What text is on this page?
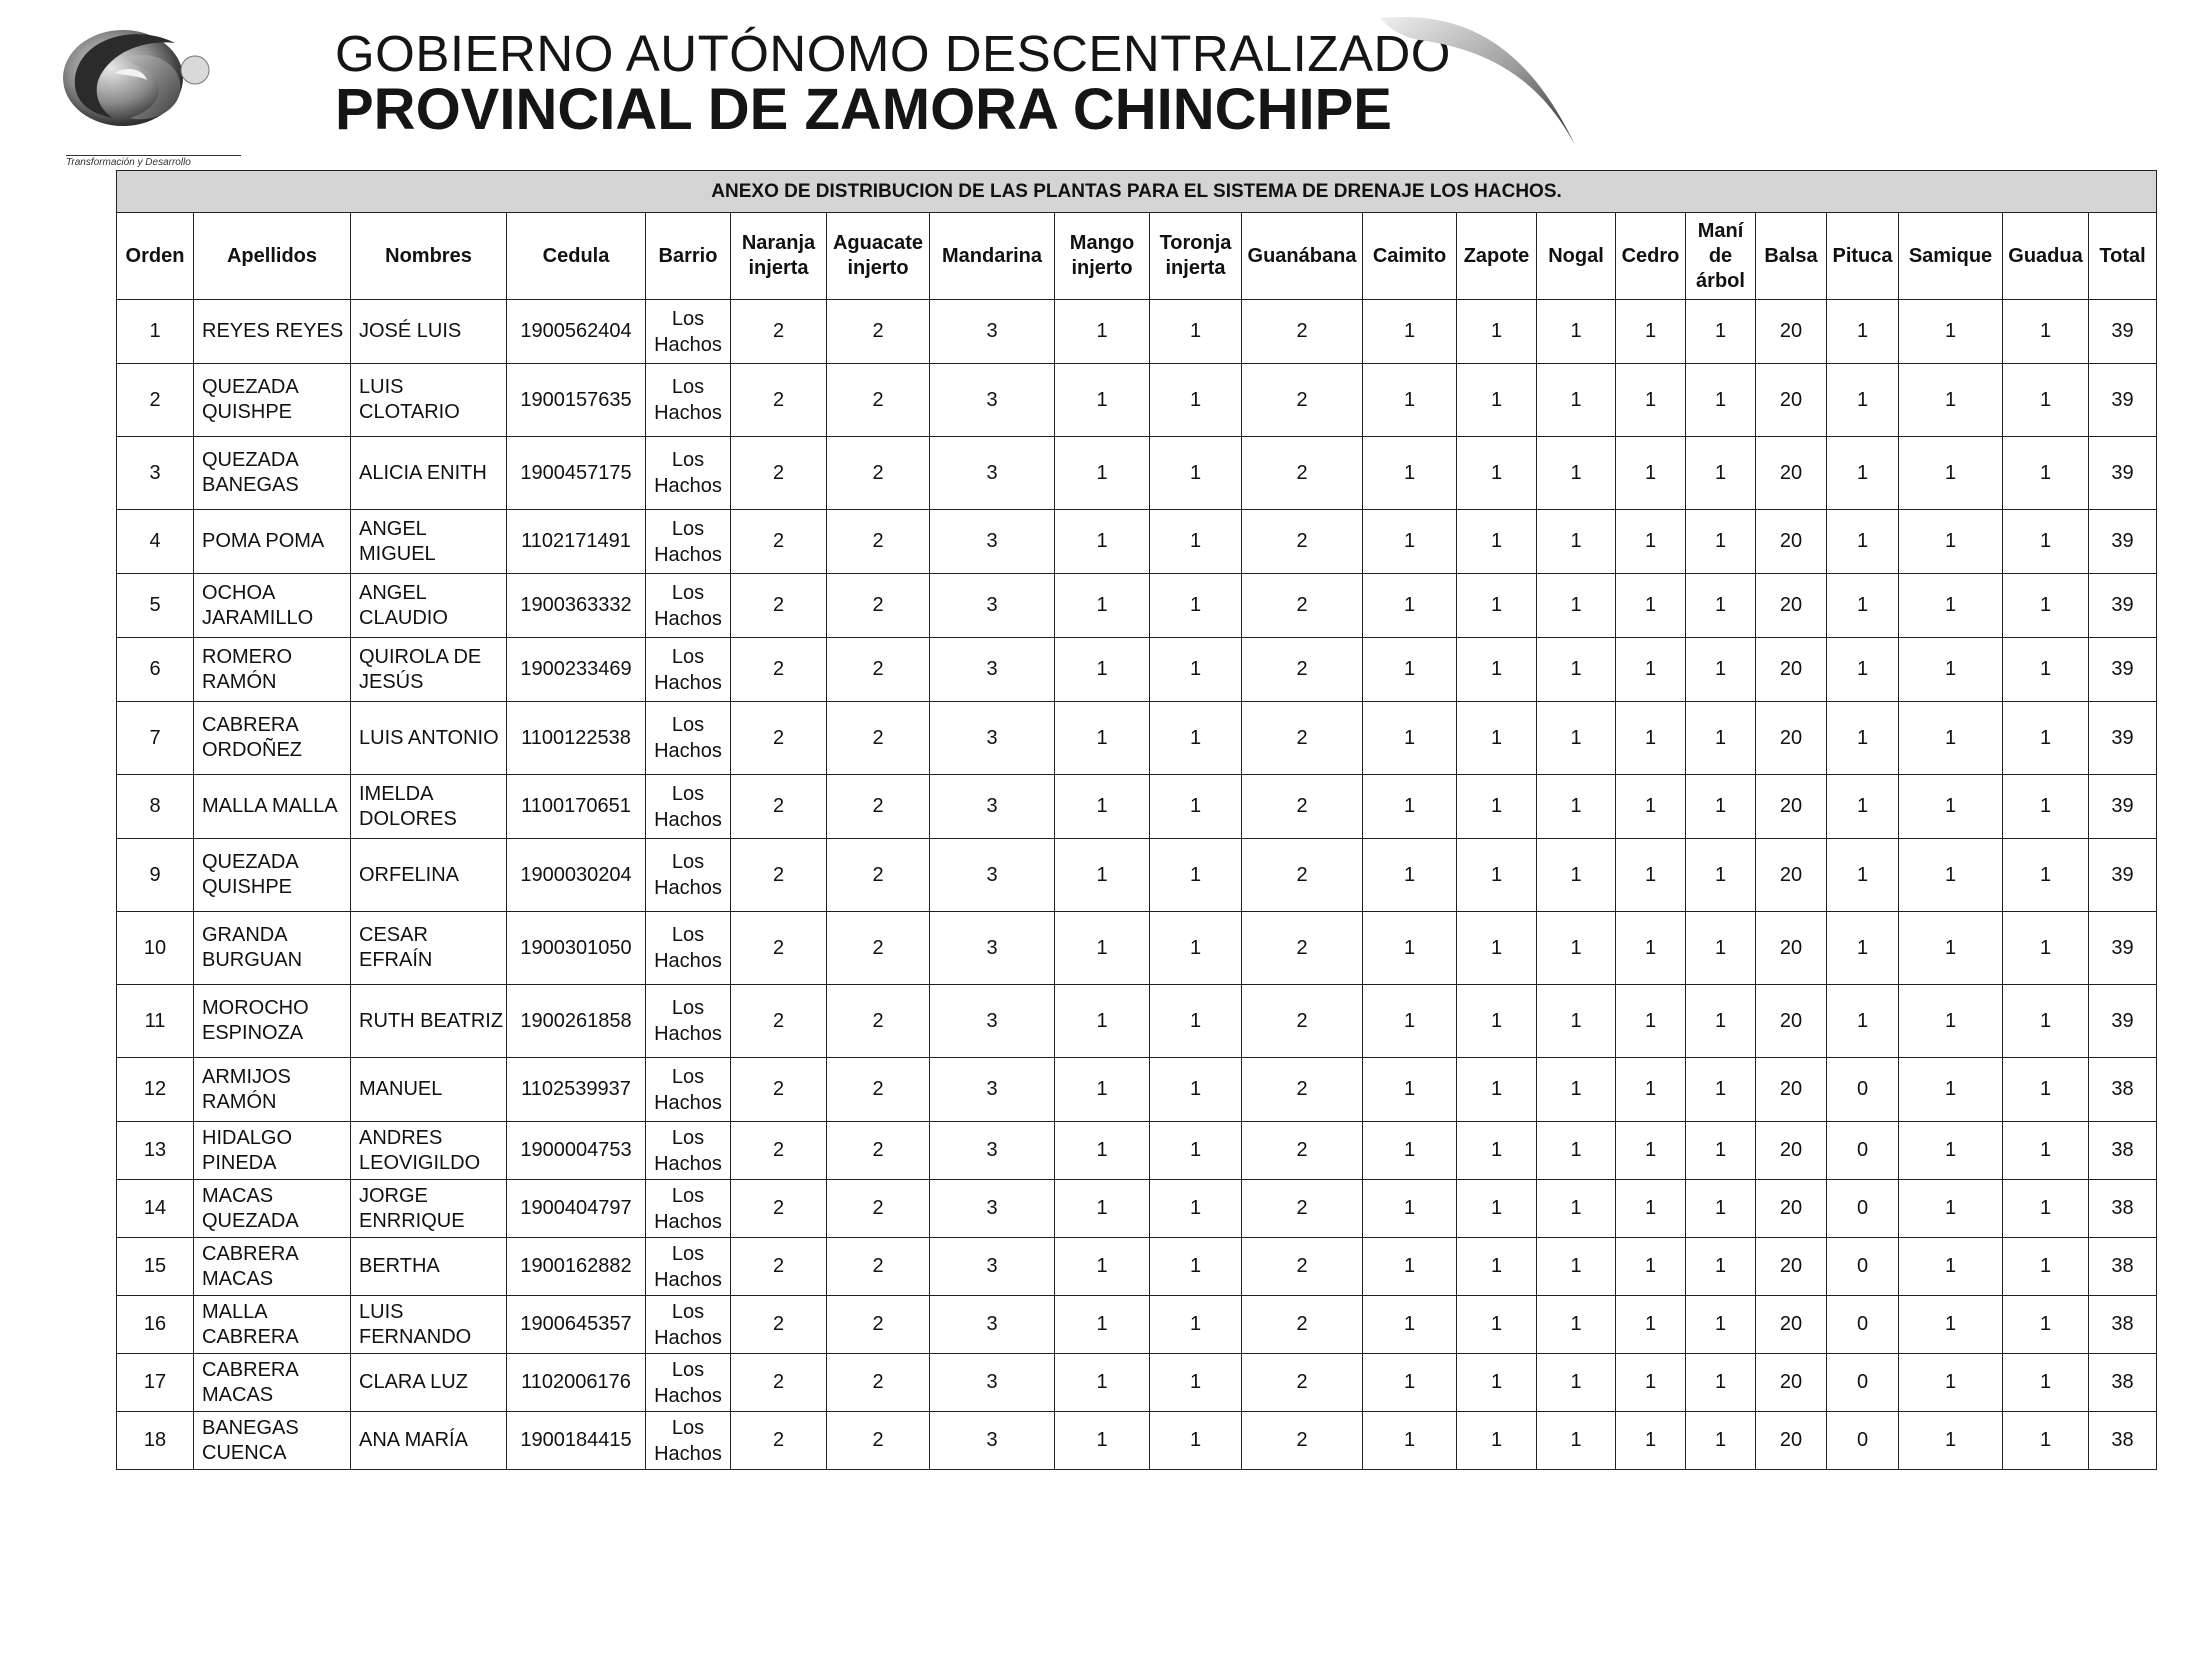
Transformación y Desarrollo
GOBIERNO AUTÓNOMO DESCENTRALIZADO
PROVINCIAL DE ZAMORA CHINCHIPE
ANEXO DE DISTRIBUCION DE LAS PLANTAS PARA EL SISTEMA DE DRENAJE LOS HACHOS.																				
Orden	Apellidos	Nombres	Cedula	Barrio	Naranja injerta	Aguacate injerto	Mandarina	Mango injerto	Toronja injerta	Guanábana	Caimito	Zapote	Nogal	Cedro	Maní de árbol	Balsa	Pituca	Samique	Guadua	Total
1	REYES REYES	JOSÉ LUIS	1900562404	Los Hachos	2	2	3	1	1	2	1	1	1	1	1	20	1	1	1	39
2	QUEZADA QUISHPE	LUIS CLOTARIO	1900157635	Los Hachos	2	2	3	1	1	2	1	1	1	1	1	20	1	1	1	39
3	QUEZADA BANEGAS	ALICIA ENITH	1900457175	Los Hachos	2	2	3	1	1	2	1	1	1	1	1	20	1	1	1	39
4	POMA POMA	ANGEL MIGUEL	1102171491	Los Hachos	2	2	3	1	1	2	1	1	1	1	1	20	1	1	1	39
5	OCHOA JARAMILLO	ANGEL CLAUDIO	1900363332	Los Hachos	2	2	3	1	1	2	1	1	1	1	1	20	1	1	1	39
6	ROMERO RAMÓN	QUIROLA DE JESÚS	1900233469	Los Hachos	2	2	3	1	1	2	1	1	1	1	1	20	1	1	1	39
7	CABRERA ORDOÑEZ	LUIS ANTONIO	1100122538	Los Hachos	2	2	3	1	1	2	1	1	1	1	1	20	1	1	1	39
8	MALLA MALLA	IMELDA DOLORES	1100170651	Los Hachos	2	2	3	1	1	2	1	1	1	1	1	20	1	1	1	39
9	QUEZADA QUISHPE	ORFELINA	1900030204	Los Hachos	2	2	3	1	1	2	1	1	1	1	1	20	1	1	1	39
10	GRANDA BURGUAN	CESAR EFRAÍN	1900301050	Los Hachos	2	2	3	1	1	2	1	1	1	1	1	20	1	1	1	39
11	MOROCHO ESPINOZA	RUTH BEATRIZ	1900261858	Los Hachos	2	2	3	1	1	2	1	1	1	1	1	20	1	1	1	39
12	ARMIJOS RAMÓN	MANUEL	1102539937	Los Hachos	2	2	3	1	1	2	1	1	1	1	1	20	0	1	1	38
13	HIDALGO PINEDA	ANDRES LEOVIGILDO	1900004753	Los Hachos	2	2	3	1	1	2	1	1	1	1	1	20	0	1	1	38
14	MACAS QUEZADA	JORGE ENRRIQUE	1900404797	Los Hachos	2	2	3	1	1	2	1	1	1	1	1	20	0	1	1	38
15	CABRERA MACAS	BERTHA	1900162882	Los Hachos	2	2	3	1	1	2	1	1	1	1	1	20	0	1	1	38
16	MALLA CABRERA	LUIS FERNANDO	1900645357	Los Hachos	2	2	3	1	1	2	1	1	1	1	1	20	0	1	1	38
17	CABRERA MACAS	CLARA LUZ	1102006176	Los Hachos	2	2	3	1	1	2	1	1	1	1	1	20	0	1	1	38
18	BANEGAS CUENCA	ANA MARÍA	1900184415	Los Hachos	2	2	3	1	1	2	1	1	1	1	1	20	0	1	1	38
